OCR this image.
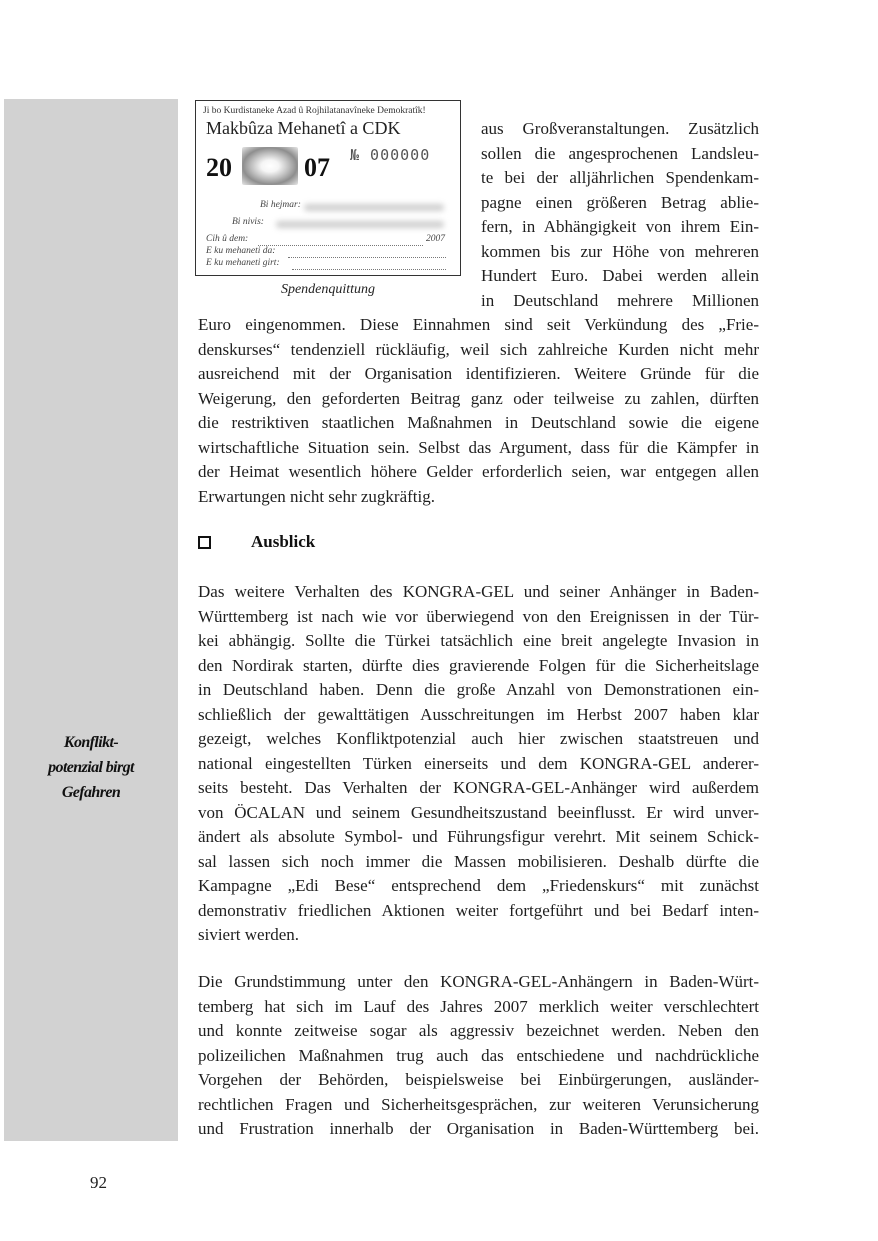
Konflikt-
potenzial birgt
Gefahren
Ji bo Kurdistaneke Azad û Rojhilatanavîneke Demokratîk!
Makbûza Mehanetî a CDK
20	07 № 000000
Bi hejmar:
Bi nivis:
Cih û dem:	2007
E ku mehaneti da:
E ku mehaneti girt:
Spendenquittung
aus Großveranstaltungen. Zusätzlich
sollen die angesprochenen Landsleu-
te bei der alljährlichen Spendenkam-
pagne einen größeren Betrag ablie-
fern, in Abhängigkeit von ihrem Ein-
kommen bis zur Höhe von mehreren
Hundert Euro. Dabei werden allein
in Deutschland mehrere Millionen
Euro eingenommen. Diese Einnahmen sind seit Verkündung des „Frie-
denskurses“ tendenziell rückläufig, weil sich zahlreiche Kurden nicht mehr
ausreichend mit der Organisation identifizieren. Weitere Gründe für die
Weigerung, den geforderten Beitrag ganz oder teilweise zu zahlen, dürften
die restriktiven staatlichen Maßnahmen in Deutschland sowie die eigene
wirtschaftliche Situation sein. Selbst das Argument, dass für die Kämpfer in
der Heimat wesentlich höhere Gelder erforderlich seien, war entgegen allen
Erwartungen nicht sehr zugkräftig.
Ausblick
Das weitere Verhalten des KONGRA-GEL und seiner Anhänger in Baden-
Württemberg ist nach wie vor überwiegend von den Ereignissen in der Tür-
kei abhängig. Sollte die Türkei tatsächlich eine breit angelegte Invasion in
den Nordirak starten, dürfte dies gravierende Folgen für die Sicherheitslage
in Deutschland haben. Denn die große Anzahl von Demonstrationen ein-
schließlich der gewalttätigen Ausschreitungen im Herbst 2007 haben klar
gezeigt, welches Konfliktpotenzial auch hier zwischen staatstreuen und
national eingestellten Türken einerseits und dem KONGRA-GEL anderer-
seits besteht. Das Verhalten der KONGRA-GEL-Anhänger wird außerdem
von ÖCALAN und seinem Gesundheitszustand beeinflusst. Er wird unver-
ändert als absolute Symbol- und Führungsfigur verehrt. Mit seinem Schick-
sal lassen sich noch immer die Massen mobilisieren. Deshalb dürfte die
Kampagne „Edi Bese“ entsprechend dem „Friedenskurs“ mit zunächst
demonstrativ friedlichen Aktionen weiter fortgeführt und bei Bedarf inten-
siviert werden.
Die Grundstimmung unter den KONGRA-GEL-Anhängern in Baden-Würt-
temberg hat sich im Lauf des Jahres 2007 merklich weiter verschlechtert
und konnte zeitweise sogar als aggressiv bezeichnet werden. Neben den
polizeilichen Maßnahmen trug auch das entschiedene und nachdrückliche
Vorgehen der Behörden, beispielsweise bei Einbürgerungen, ausländer-
rechtlichen Fragen und Sicherheitsgesprächen, zur weiteren Verunsicherung
und Frustration innerhalb der Organisation in Baden-Württemberg bei.
92
